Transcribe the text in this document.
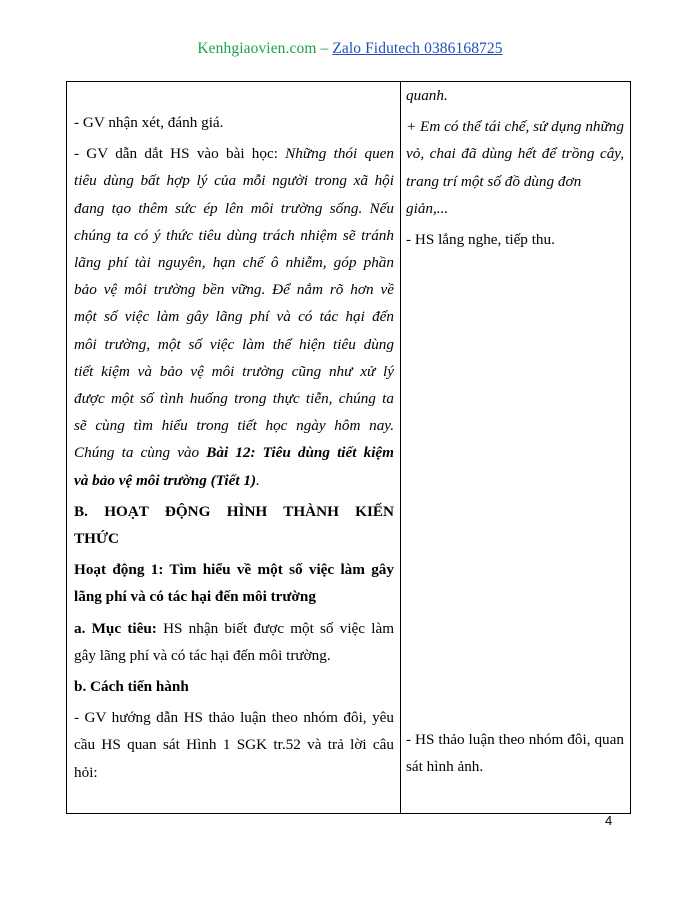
Kenhgiaovien.com – Zalo Fidutech 0386168725

- GV nhận xét, đánh giá.

- GV dẫn dắt HS vào bài học: Những thói quen

tiêu dùng bất hợp lý của mỗi người trong xã hội

đang tạo thêm sức ép lên môi trường sống. Nếu

chúng ta có ý thức tiêu dùng trách nhiệm sẽ tránh

lãng phí tài nguyên, hạn chế ô nhiễm, góp phần

bảo vệ môi trường bền vững. Để nắm rõ hơn về

một số việc làm gây lãng phí và có tác hại đến

môi trường, một số việc làm thể hiện tiêu dùng

tiết kiệm và bảo vệ môi trường cũng như xử lý

được một số tình huống trong thực tiễn, chúng ta

sẽ cùng tìm hiểu trong tiết học ngày hôm nay.

Chúng ta cùng vào Bài 12: Tiêu dùng tiết kiệm

và bảo vệ môi trường (Tiết 1).

B. HOẠT ĐỘNG HÌNH THÀNH KIẾN

THỨC

Hoạt động 1: Tìm hiểu về một số việc làm gây

lãng phí và có tác hại đến môi trường

a. Mục tiêu: HS nhận biết được một số việc làm

gây lãng phí và có tác hại đến môi trường.

b. Cách tiến hành

- GV hướng dẫn HS thảo luận theo nhóm đôi, yêu

cầu HS quan sát Hình 1 SGK tr.52 và trả lời câu

hỏi:

quanh.

+ Em có thể tái chế, sử dụng những

vỏ, chai đã dùng hết để trồng cây,

trang trí một số đồ dùng đơn giản,...

- HS lắng nghe, tiếp thu.

- HS thảo luận theo nhóm đôi, quan

sát hình ảnh.

4
